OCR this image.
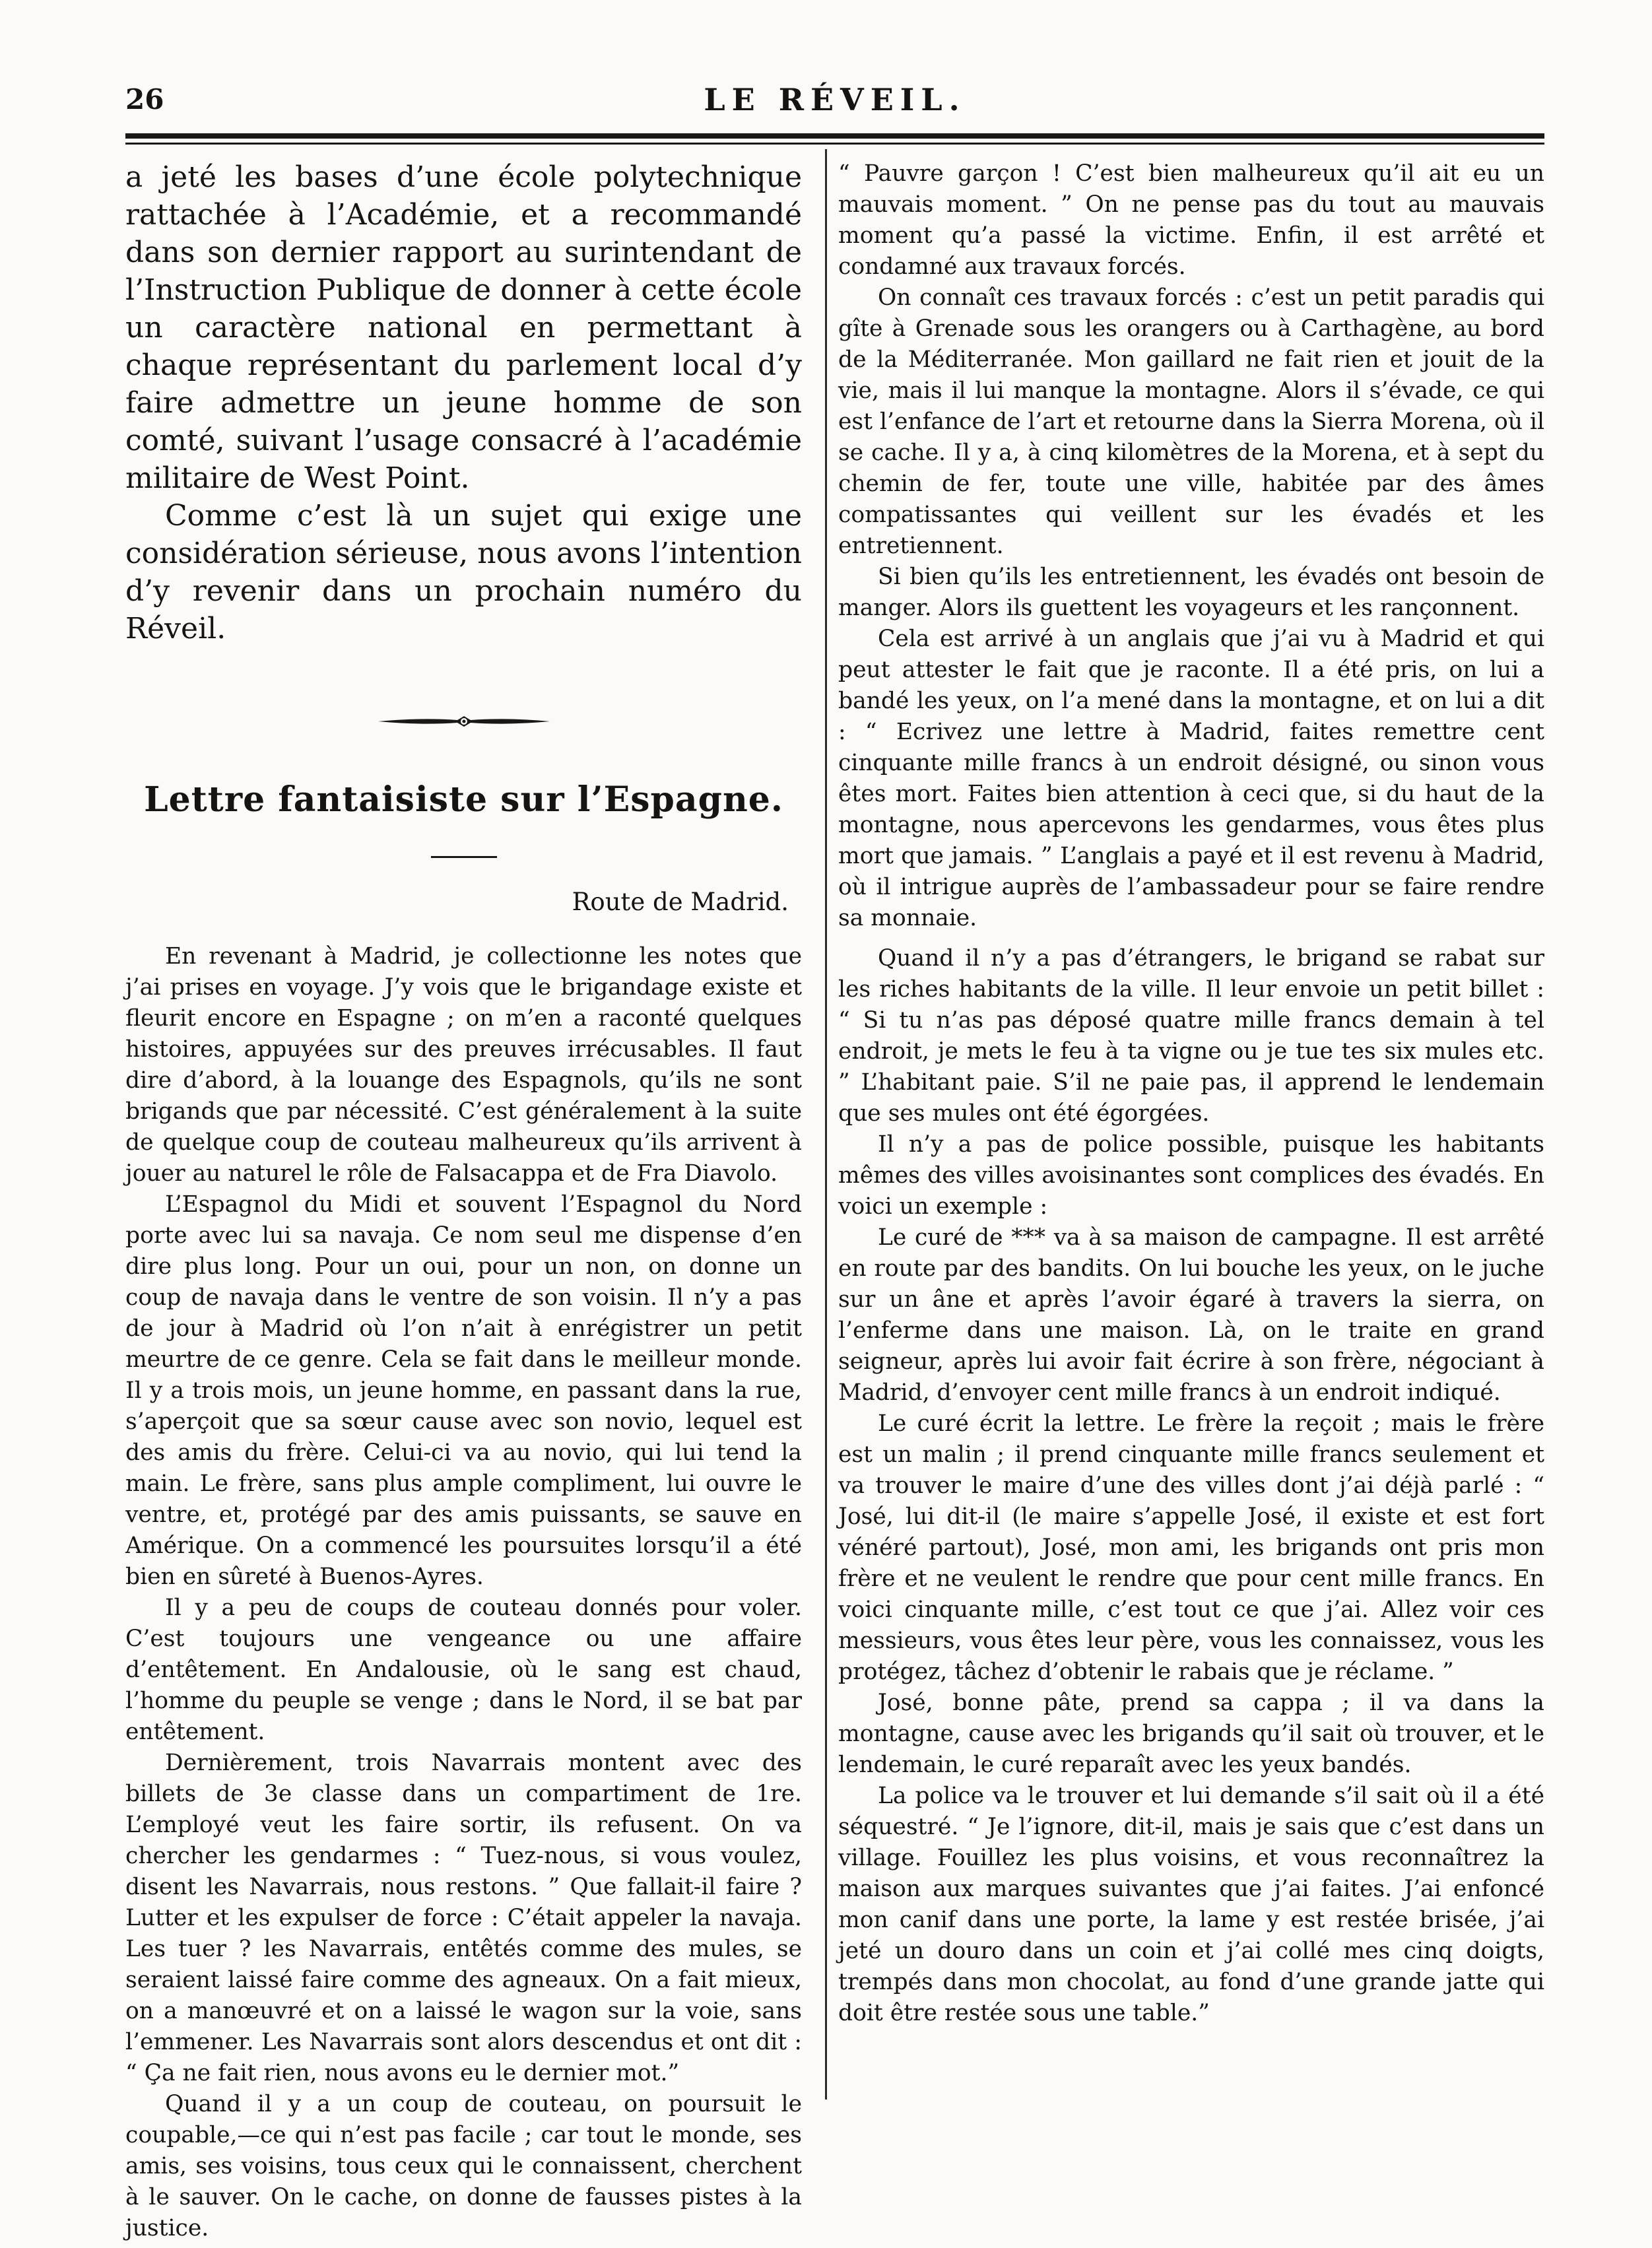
26	LE RÉVEIL.

a jeté les bases d’une école polytechnique rattachée à l’Académie, et a recommandé dans son dernier rapport au surintendant de l’Instruction Publique de donner à cette école un caractère national en permettant à chaque représentant du parlement local d’y faire admettre un jeune homme de son comté, suivant l’usage consacré à l’académie militaire de West Point.

Comme c’est là un sujet qui exige une considération sérieuse, nous avons l’intention d’y revenir dans un prochain numéro du Réveil.

Lettre fantaisiste sur l’Espagne.
Route de Madrid.

En revenant à Madrid, je collectionne les notes que j’ai prises en voyage. J’y vois que le brigandage existe et fleurit encore en Espagne ; on m’en a raconté quelques histoires, appuyées sur des preuves irrécusables. Il faut dire d’abord, à la louange des Espagnols, qu’ils ne sont brigands que par nécessité. C’est généralement à la suite de quelque coup de couteau malheureux qu’ils arrivent à jouer au naturel le rôle de Falsacappa et de Fra Diavolo.

L’Espagnol du Midi et souvent l’Espagnol du Nord porte avec lui sa navaja. Ce nom seul me dispense d’en dire plus long. Pour un oui, pour un non, on donne un coup de navaja dans le ventre de son voisin. Il n’y a pas de jour à Madrid où l’on n’ait à enrégistrer un petit meurtre de ce genre. Cela se fait dans le meilleur monde. Il y a trois mois, un jeune homme, en passant dans la rue, s’aperçoit que sa sœur cause avec son novio, lequel est des amis du frère. Celui-ci va au novio, qui lui tend la main. Le frère, sans plus ample compliment, lui ouvre le ventre, et, protégé par des amis puissants, se sauve en Amérique. On a commencé les poursuites lorsqu’il a été bien en sûreté à Buenos-Ayres.

Il y a peu de coups de couteau donnés pour voler. C’est toujours une vengeance ou une affaire d’entêtement. En Andalousie, où le sang est chaud, l’homme du peuple se venge ; dans le Nord, il se bat par entêtement.

Dernièrement, trois Navarrais montent avec des billets de 3e classe dans un compartiment de 1re. L’employé veut les faire sortir, ils refusent. On va chercher les gendarmes : “ Tuez-nous, si vous voulez, disent les Navarrais, nous restons. ” Que fallait-il faire ? Lutter et les expulser de force : C’était appeler la navaja. Les tuer ? les Navarrais, entêtés comme des mules, se seraient laissé faire comme des agneaux. On a fait mieux, on a manœuvré et on a laissé le wagon sur la voie, sans l’emmener. Les Navarrais sont alors descendus et ont dit : “ Ça ne fait rien, nous avons eu le dernier mot.”

Quand il y a un coup de couteau, on poursuit le coupable,—ce qui n’est pas facile ; car tout le monde, ses amis, ses voisins, tous ceux qui le connaissent, cherchent à le sauver. On le cache, on donne de fausses pistes à la justice.

“ Pauvre garçon ! C’est bien malheureux qu’il ait eu un mauvais moment. ” On ne pense pas du tout au mauvais moment qu’a passé la victime. Enfin, il est arrêté et condamné aux travaux forcés.

On connaît ces travaux forcés : c’est un petit paradis qui gîte à Grenade sous les orangers ou à Carthagène, au bord de la Méditerranée. Mon gaillard ne fait rien et jouit de la vie, mais il lui manque la montagne. Alors il s’évade, ce qui est l’enfance de l’art et retourne dans la Sierra Morena, où il se cache. Il y a, à cinq kilomètres de la Morena, et à sept du chemin de fer, toute une ville, habitée par des âmes compatissantes qui veillent sur les évadés et les entretiennent.

Si bien qu’ils les entretiennent, les évadés ont besoin de manger. Alors ils guettent les voyageurs et les rançonnent.

Cela est arrivé à un anglais que j’ai vu à Madrid et qui peut attester le fait que je raconte. Il a été pris, on lui a bandé les yeux, on l’a mené dans la montagne, et on lui a dit : “ Ecrivez une lettre à Madrid, faites remettre cent cinquante mille francs à un endroit désigné, ou sinon vous êtes mort. Faites bien attention à ceci que, si du haut de la montagne, nous apercevons les gendarmes, vous êtes plus mort que jamais. ” L’anglais a payé et il est revenu à Madrid, où il intrigue auprès de l’ambassadeur pour se faire rendre sa monnaie.

Quand il n’y a pas d’étrangers, le brigand se rabat sur les riches habitants de la ville. Il leur envoie un petit billet : “ Si tu n’as pas déposé quatre mille francs demain à tel endroit, je mets le feu à ta vigne ou je tue tes six mules etc. ” L’habitant paie. S’il ne paie pas, il apprend le lendemain que ses mules ont été égorgées.

Il n’y a pas de police possible, puisque les habitants mêmes des villes avoisinantes sont complices des évadés. En voici un exemple :

Le curé de *** va à sa maison de campagne. Il est arrêté en route par des bandits. On lui bouche les yeux, on le juche sur un âne et après l’avoir égaré à travers la sierra, on l’enferme dans une maison. Là, on le traite en grand seigneur, après lui avoir fait écrire à son frère, négociant à Madrid, d’envoyer cent mille francs à un endroit indiqué.

Le curé écrit la lettre. Le frère la reçoit ; mais le frère est un malin ; il prend cinquante mille francs seulement et va trouver le maire d’une des villes dont j’ai déjà parlé : “ José, lui dit-il (le maire s’appelle José, il existe et est fort vénéré partout), José, mon ami, les brigands ont pris mon frère et ne veulent le rendre que pour cent mille francs. En voici cinquante mille, c’est tout ce que j’ai. Allez voir ces messieurs, vous êtes leur père, vous les connaissez, vous les protégez, tâchez d’obtenir le rabais que je réclame. ”

José, bonne pâte, prend sa cappa ; il va dans la montagne, cause avec les brigands qu’il sait où trouver, et le lendemain, le curé reparaît avec les yeux bandés.

La police va le trouver et lui demande s’il sait où il a été séquestré. “ Je l’ignore, dit-il, mais je sais que c’est dans un village. Fouillez les plus voisins, et vous reconnaîtrez la maison aux marques suivantes que j’ai faites. J’ai enfoncé mon canif dans une porte, la lame y est restée brisée, j’ai jeté un douro dans un coin et j’ai collé mes cinq doigts, trempés dans mon chocolat, au fond d’une grande jatte qui doit être restée sous une table.”
